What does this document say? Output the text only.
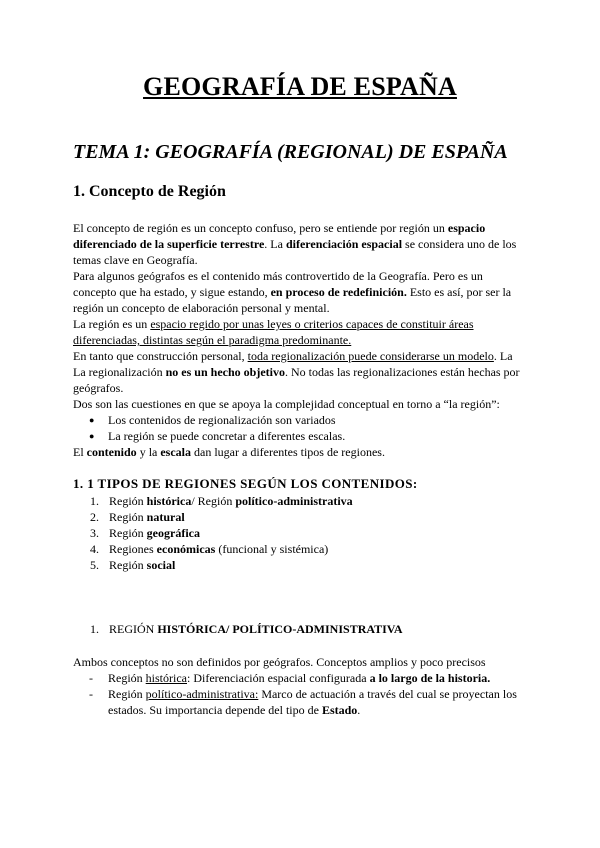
GEOGRAFÍA DE ESPAÑA
TEMA 1: GEOGRAFÍA (REGIONAL) DE ESPAÑA
1. Concepto de Región

El concepto de región es un concepto confuso, pero se entiende por región un espacio diferenciado de la superficie terrestre. La diferenciación espacial se considera uno de los temas clave en Geografía.

Para algunos geógrafos es el contenido más controvertido de la Geografía. Pero es un concepto que ha estado, y sigue estando, en proceso de redefinición. Esto es así, por ser la región un concepto de elaboración personal y mental.

La región es un espacio regido por unas leyes o criterios capaces de constituir áreas diferenciadas, distintas según el paradigma predominante.

En tanto que construcción personal, toda regionalización puede considerarse un modelo. La

La regionalización no es un hecho objetivo. No todas las regionalizaciones están hechas por geógrafos.

Dos son las cuestiones en que se apoya la complejidad conceptual en torno a “la región”:

● Los contenidos de regionalización son variados
● La región se puede concretar a diferentes escalas.

El contenido y la escala dan lugar a diferentes tipos de regiones.

1. 1 TIPOS DE REGIONES SEGÚN LOS CONTENIDOS:
1. Región histórica/ Región político-administrativa
2. Región natural
3. Región geográfica
4. Regiones económicas (funcional y sistémica)
5. Región social
1. REGIÓN HISTÓRICA/ POLÍTICO-ADMINISTRATIVA

Ambos conceptos no son definidos por geógrafos. Conceptos amplios y poco precisos

- Región histórica: Diferenciación espacial configurada a lo largo de la historia.
- Región político-administrativa: Marco de actuación a través del cual se proyectan los estados. Su importancia depende del tipo de Estado.
